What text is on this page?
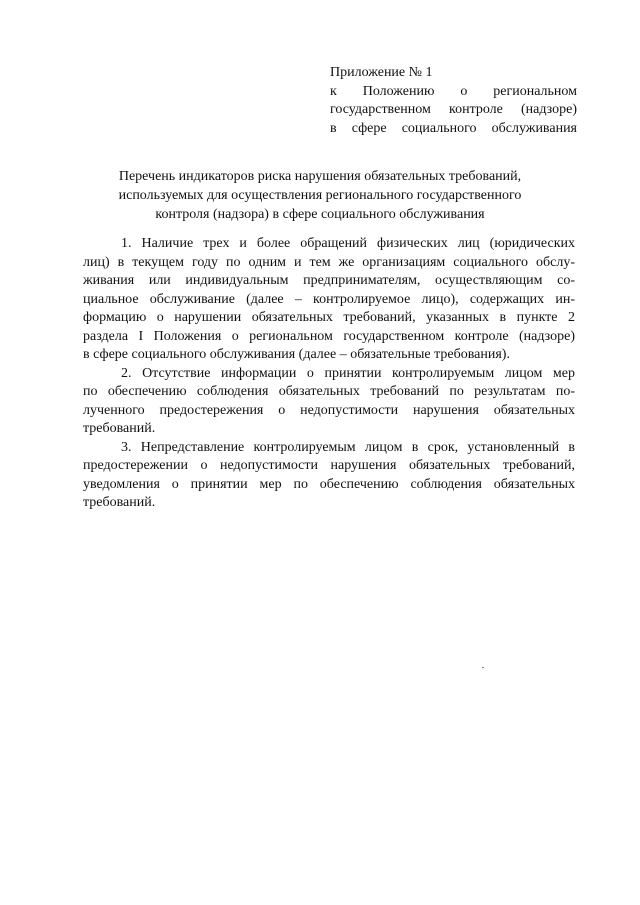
Приложение № 1
к Положению о региональном
государственном контроле (надзоре)
в сфере социального обслуживания
Перечень индикаторов риска нарушения обязательных требований,
используемых для осуществления регионального государственного
контроля (надзора) в сфере социального обслуживания
1. Наличие трех и более обращений физических лиц (юридических
лиц) в текущем году по одним и тем же организациям социального обслу-
живания или индивидуальным предпринимателям, осуществляющим со-
циальное обслуживание (далее – контролируемое лицо), содержащих ин-
формацию о нарушении обязательных требований, указанных в пункте 2
раздела I Положения о региональном государственном контроле (надзоре)
в сфере социального обслуживания (далее – обязательные требования).
2. Отсутствие информации о принятии контролируемым лицом мер
по обеспечению соблюдения обязательных требований по результатам по-
лученного предостережения о недопустимости нарушения обязательных
требований.
3. Непредставление контролируемым лицом в срок, установленный в
предостережении о недопустимости нарушения обязательных требований,
уведомления о принятии мер по обеспечению соблюдения обязательных
требований.
